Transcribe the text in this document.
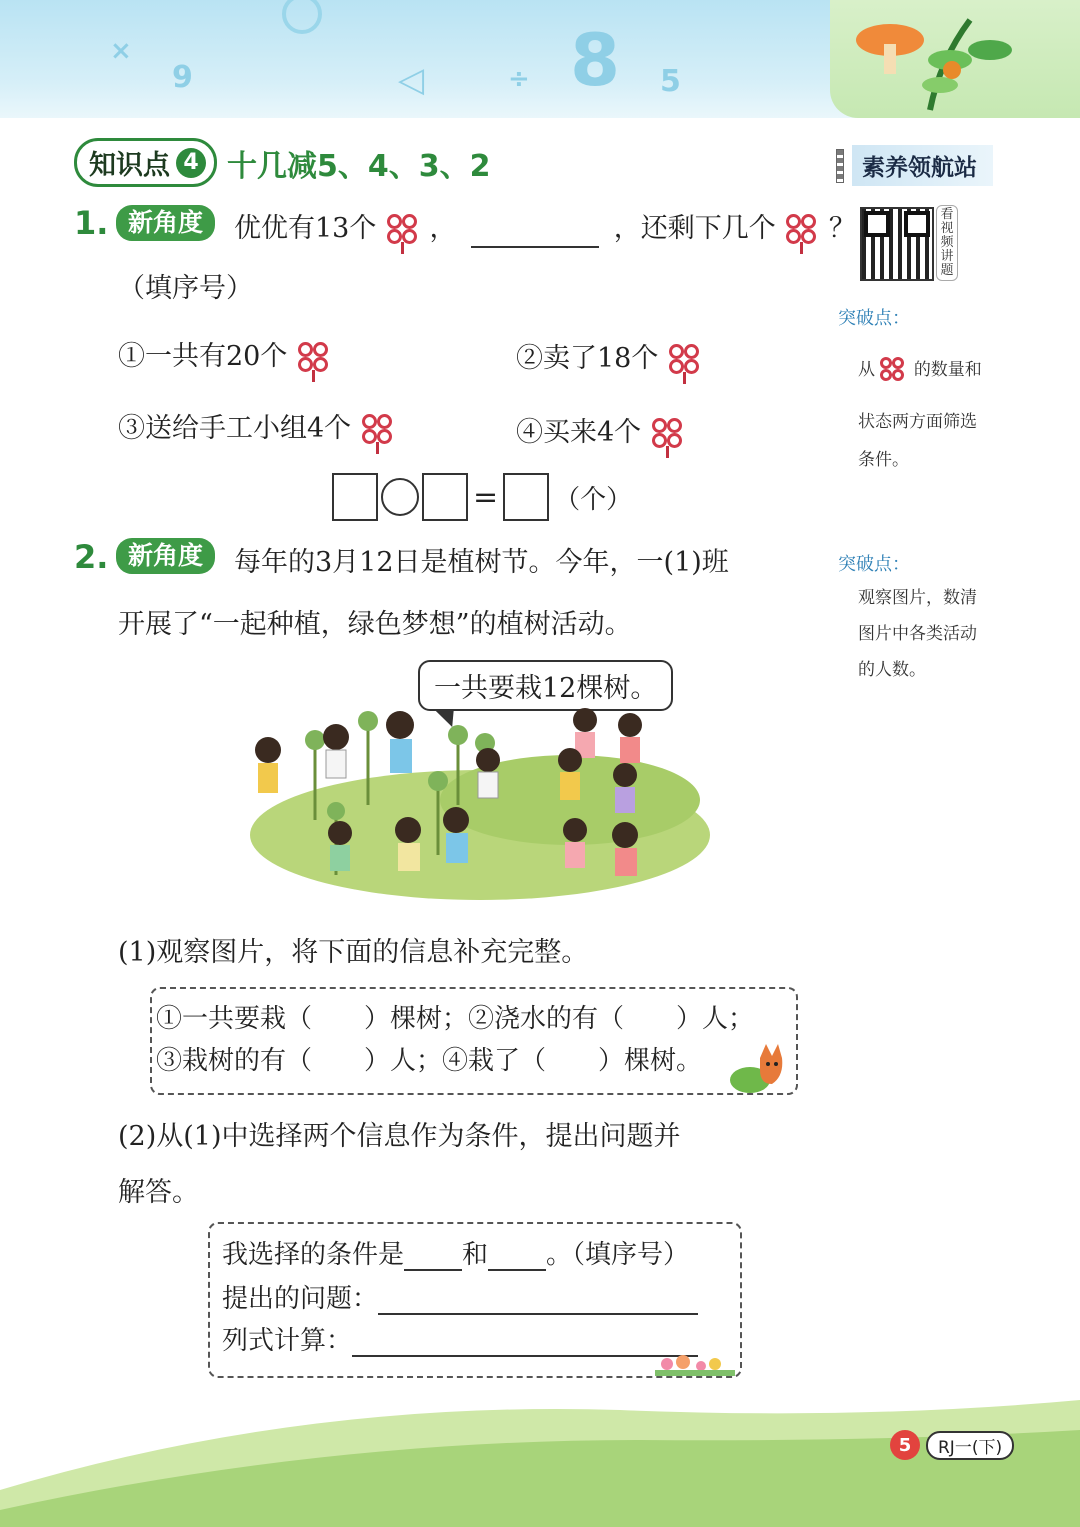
×
9	◁	÷ 8 5
知识点 4 十几减5、4、3、2	素养领航站
看视频讲题
突破点：
从 的数量和
状态两方面筛选
条件。
突破点：
观察图片，数清
图片中各类活动
的人数。
1. 新角度	优优有13个 ，	，还剩下几个 ？
（填序号）
①一共有20个	②卖了18个
③送给手工小组4个	④买来4个
= （个）
2. 新角度	每年的3月12日是植树节。今年，一(1)班
开展了“一起种植，绿色梦想”的植树活动。
一共要栽12棵树。
(1)观察图片，将下面的信息补充完整。
①一共要栽（　　）棵树；②浇水的有（　　）人；
③栽树的有（　　）人；④栽了（　　）棵树。
(2)从(1)中选择两个信息作为条件，提出问题并
解答。
我选择的条件是 和 。（填序号）
提出的问题：
列式计算：
5	RJ一(下)
